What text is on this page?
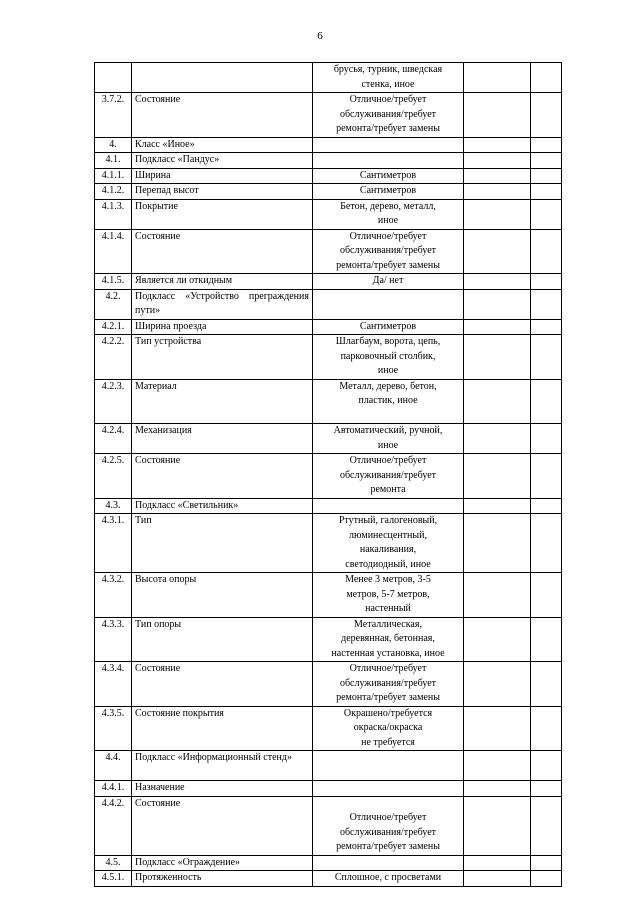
6

		брусья, турник, шведская
стенка, иное		

3.7.2.	Состояние	Отличное/требует
обслуживания/требует
ремонта/требует замены		

4.	Класс «Иное»			
4.1.	Подкласс «Пандус»			
4.1.1.	Ширина	Сантиметров		
4.1.2.	Перепад высот	Сантиметров		
4.1.3.	Покрытие	Бетон, дерево, металл,
иное		

4.1.4.	Состояние	Отличное/требует
обслуживания/требует
ремонта/требует замены		

4.1.5.	Является ли откидным	Да/ нет		
4.2.	Подкласс «Устройство преграждения пути»			
4.2.1.	Ширина проезда	Сантиметров		
4.2.2.	Тип устройства	Шлагбаум, ворота, цепь,
парковочный столбик,
иное		

4.2.3.	Материал	Металл, дерево, бетон,
пластик, иное		

4.2.4.	Механизация	Автоматический, ручной,
иное		

4.2.5.	Состояние	Отличное/требует
обслуживания/требует
ремонта		

4.3.	Подкласс «Светильник»			
4.3.1.	Тип	Ртутный, галогеновый,
люминесцентный,
накаливания,
светодиодный, иное		

4.3.2.	Высота опоры	Менее 3 метров, 3-5
метров, 5-7 метров,
настенный		

4.3.3.	Тип опоры	Металлическая,
деревянная, бетонная,
настенная установка, иное		

4.3.4.	Состояние	Отличное/требует
обслуживания/требует
ремонта/требует замены		

4.3.5.	Состояние покрытия	Окрашено/требуется
окраска/окраска
не требуется		

4.4.	Подкласс «Информационный стенд»			
4.4.1.	Назначение			
4.4.2.	Состояние	Отличное/требует
обслуживания/требует
ремонта/требует замены		

4.5.	Подкласс «Ограждение»			
4.5.1.	Протяженность	Сплошное, с просветами		
